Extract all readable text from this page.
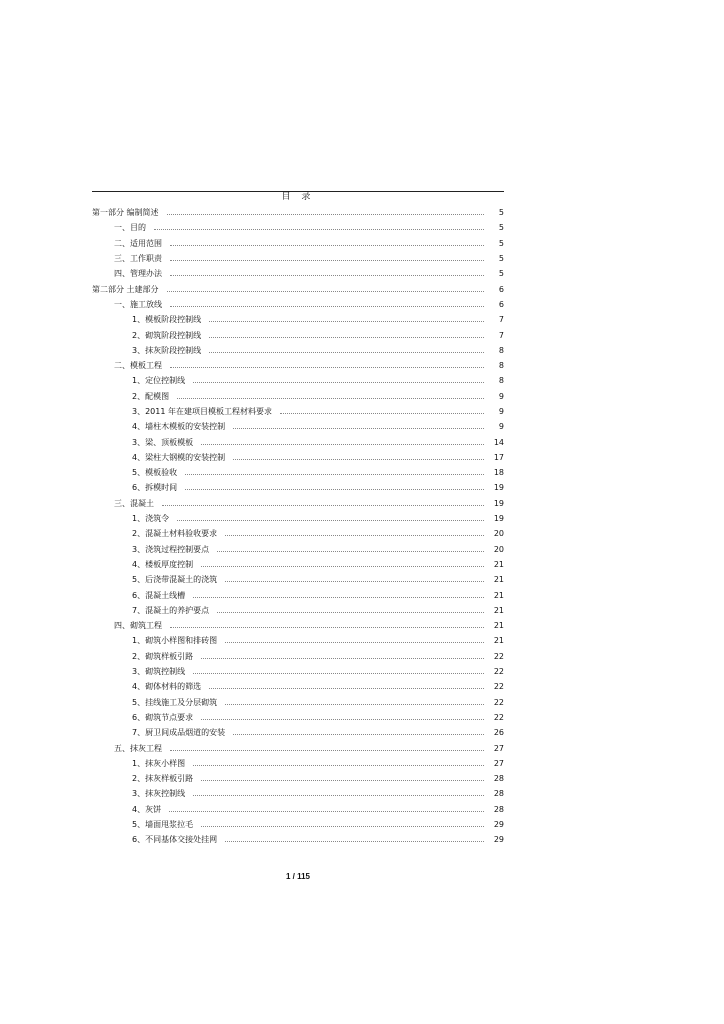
目 录
第一部分 编制简述	5
一、目的	5
二、适用范围	5
三、工作职责	5
四、管理办法	5
第二部分 土建部分	6
一、施工放线	6
1、模板阶段控制线	7
2、砌筑阶段控制线	7
3、抹灰阶段控制线	8
二、模板工程	8
1、定位控制线	8
2、配模图	9
3、2011 年在建项目模板工程材料要求	9
4、墙柱木模板的安装控制	9
3、梁、顶板模板	14
4、梁柱大钢模的安装控制	17
5、模板验收	18
6、拆模时间	19
三、混凝土	19
1、浇筑令	19
2、混凝土材料验收要求	20
3、浇筑过程控制要点	20
4、楼板厚度控制	21
5、后浇带混凝土的浇筑	21
6、混凝土线槽	21
7、混凝土的养护要点	21
四、砌筑工程	21
1、砌筑小样图和排砖图	21
2、砌筑样板引路	22
3、砌筑控制线	22
4、砌体材料的筛选	22
5、挂线施工及分层砌筑	22
6、砌筑节点要求	22
7、厨卫间成品烟道的安装	26
五、抹灰工程	27
1、抹灰小样图	27
2、抹灰样板引路	28
3、抹灰控制线	28
4、灰饼	28
5、墙面甩浆拉毛	29
6、不同基体交接处挂网	29
1 / 115
